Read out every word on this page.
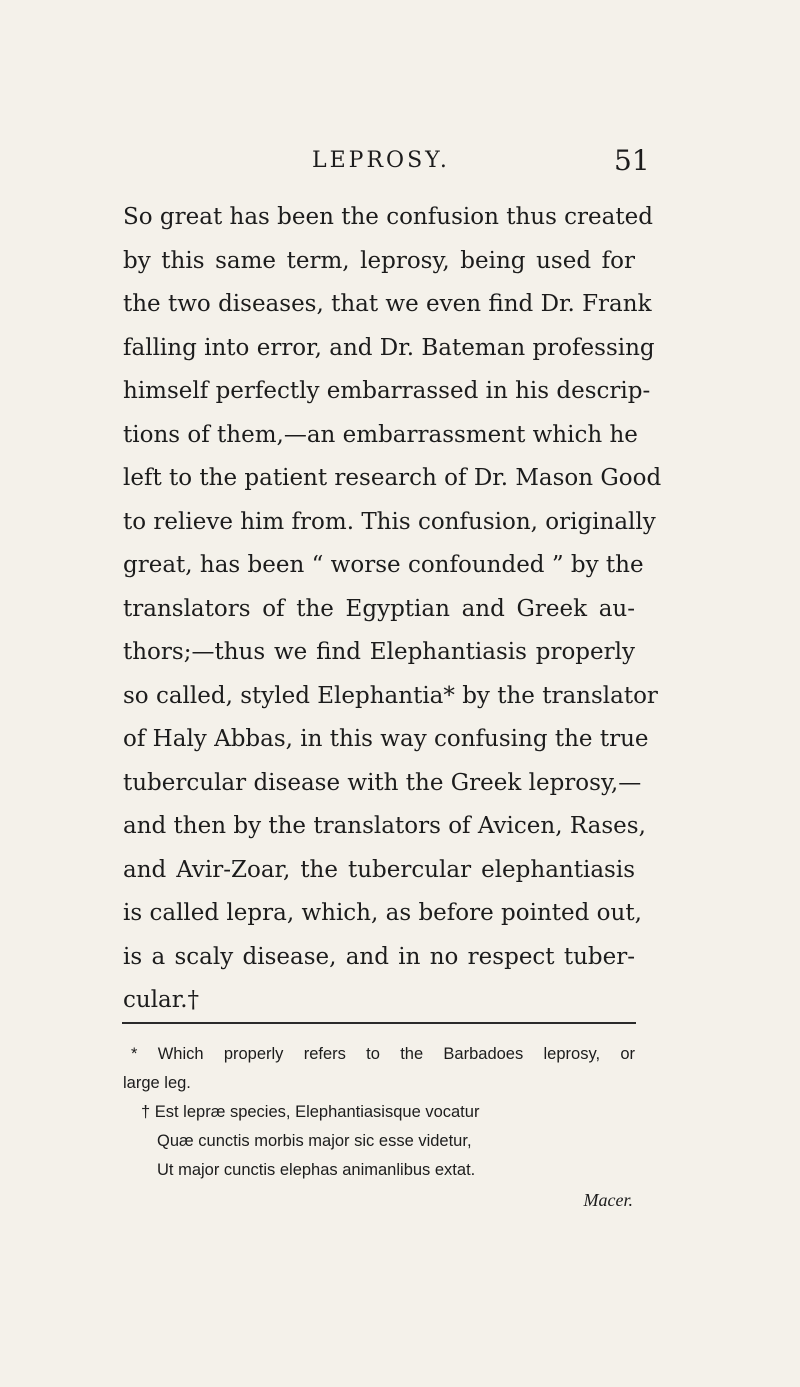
LEPROSY.	51
So great has been the confusion thus created
by this same term, leprosy, being used for
the two diseases, that we even find Dr. Frank
falling into error, and Dr. Bateman professing
himself perfectly embarrassed in his descrip-
tions of them,—an embarrassment which he
left to the patient research of Dr. Mason Good
to relieve him from. This confusion, originally
great, has been “ worse confounded ” by the
translators of the Egyptian and Greek au-
thors;—thus we find Elephantiasis properly
so called, styled Elephantia* by the translator
of Haly Abbas, in this way confusing the true
tubercular disease with the Greek leprosy,—
and then by the translators of Avicen, Rases,
and Avir-Zoar, the tubercular elephantiasis
is called lepra, which, as before pointed out,
is a scaly disease, and in no respect tuber-
cular.†
* Which properly refers to the Barbadoes leprosy, or
large leg.
† Est lepræ species, Elephantiasisque vocatur
Quæ cunctis morbis major sic esse videtur,
Ut major cunctis elephas animanlibus extat.
Macer.
